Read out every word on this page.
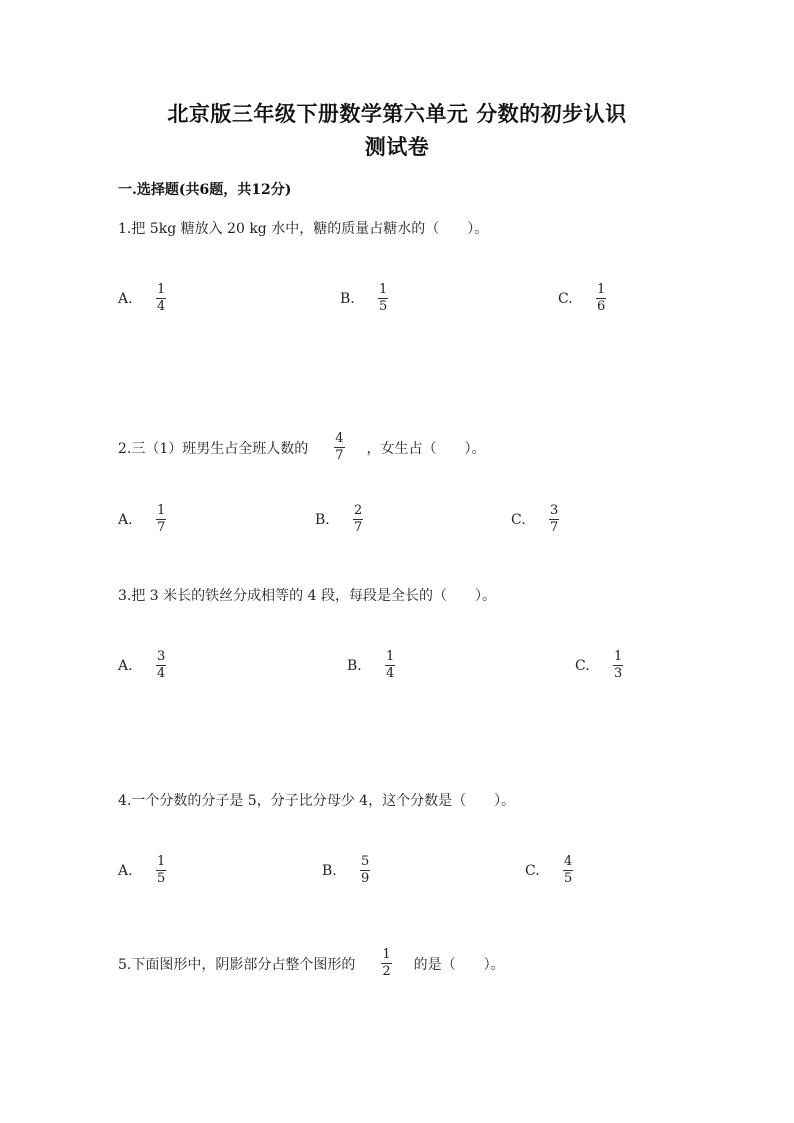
北京版三年级下册数学第六单元 分数的初步认识
测试卷
一.选择题(共6题，共12分)
1.把 5kg 糖放入 20 kg 水中，糖的质量占糖水的（　　）。
A. $\frac{1}{4}$	B. $\frac{1}{5}$	C. $\frac{1}{6}$
2.三（1）班男生占全班人数的 $\frac{4}{7}$ ，女生占（　　）。
A. $\frac{1}{7}$	B. $\frac{2}{7}$	C. $\frac{3}{7}$
3.把 3 米长的铁丝分成相等的 4 段，每段是全长的（　　）。
A. $\frac{3}{4}$	B. $\frac{1}{4}$	C. $\frac{1}{3}$
4.一个分数的分子是 5，分子比分母少 4，这个分数是（　　）。
A. $\frac{1}{5}$	B. $\frac{5}{9}$	C. $\frac{4}{5}$
5.下面图形中，阴影部分占整个图形的 $\frac{1}{2}$ 的是（　　）。
